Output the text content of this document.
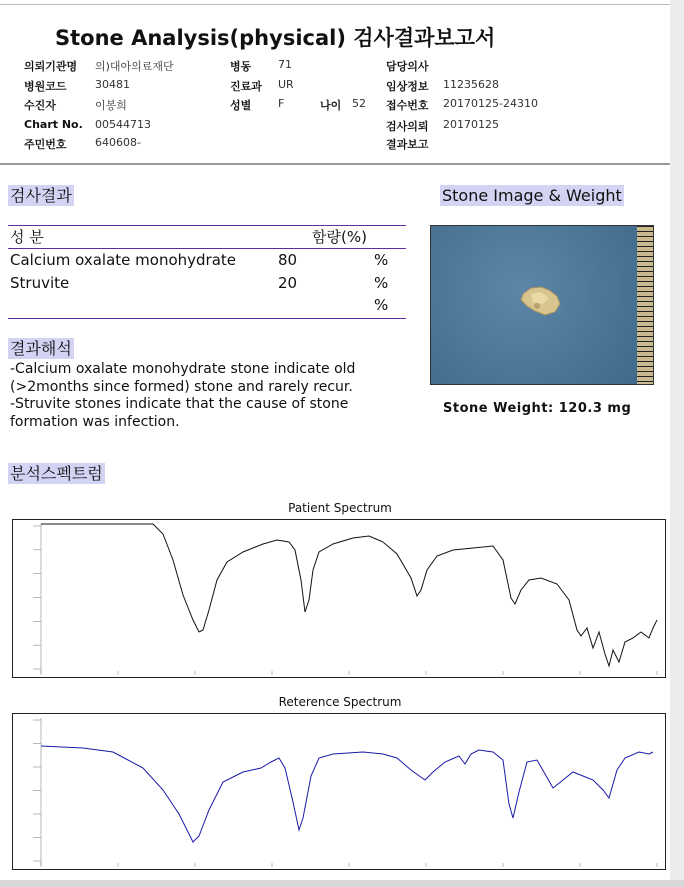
Stone Analysis(physical) 검사결과보고서
의뢰기관명 의)대아의료재단
병원코드	30481
수진자	이봉희
Chart No. 00544713
주민번호	640608-
병동 71
진료과 UR
성별 F	나이 52
담당의사
임상정보 11235628
접수번호 20170125-24310
검사의뢰 20170125
결과보고
검사결과
성 분	함량(%)
Calcium oxalate monohydrate	80	%
Struvite	20	%
%
결과해석
-Calcium oxalate monohydrate stone indicate old (>2months since formed) stone and rarely recur.
-Struvite stones indicate that the cause of stone formation was infection.
Stone Image & Weight
Stone Weight: 120.3 mg
분석스펙트럼
Patient Spectrum
Reterence Spectrum
